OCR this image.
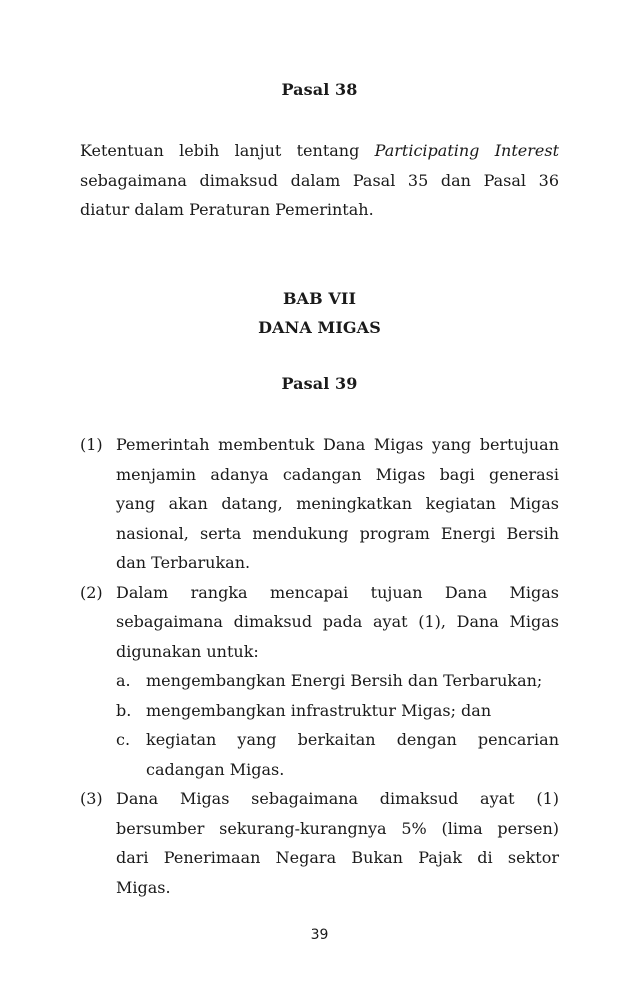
Pasal 38
Ketentuan lebih lanjut tentang Participating Interest
sebagaimana dimaksud dalam Pasal 35 dan Pasal 36
diatur dalam Peraturan Pemerintah.
BAB VII
DANA MIGAS
Pasal 39
(1) Pemerintah membentuk Dana Migas yang bertujuan
menjamin adanya cadangan Migas bagi generasi
yang akan datang, meningkatkan kegiatan Migas
nasional, serta mendukung program Energi Bersih
dan Terbarukan.
(2) Dalam rangka mencapai tujuan Dana Migas
sebagaimana dimaksud pada ayat (1), Dana Migas
digunakan untuk:
a. mengembangkan Energi Bersih dan Terbarukan;
b. mengembangkan infrastruktur Migas; dan
c. kegiatan yang berkaitan dengan pencarian
cadangan Migas.
(3) Dana Migas sebagaimana dimaksud ayat (1)
bersumber sekurang-kurangnya 5% (lima persen)
dari Penerimaan Negara Bukan Pajak di sektor
Migas.
39
